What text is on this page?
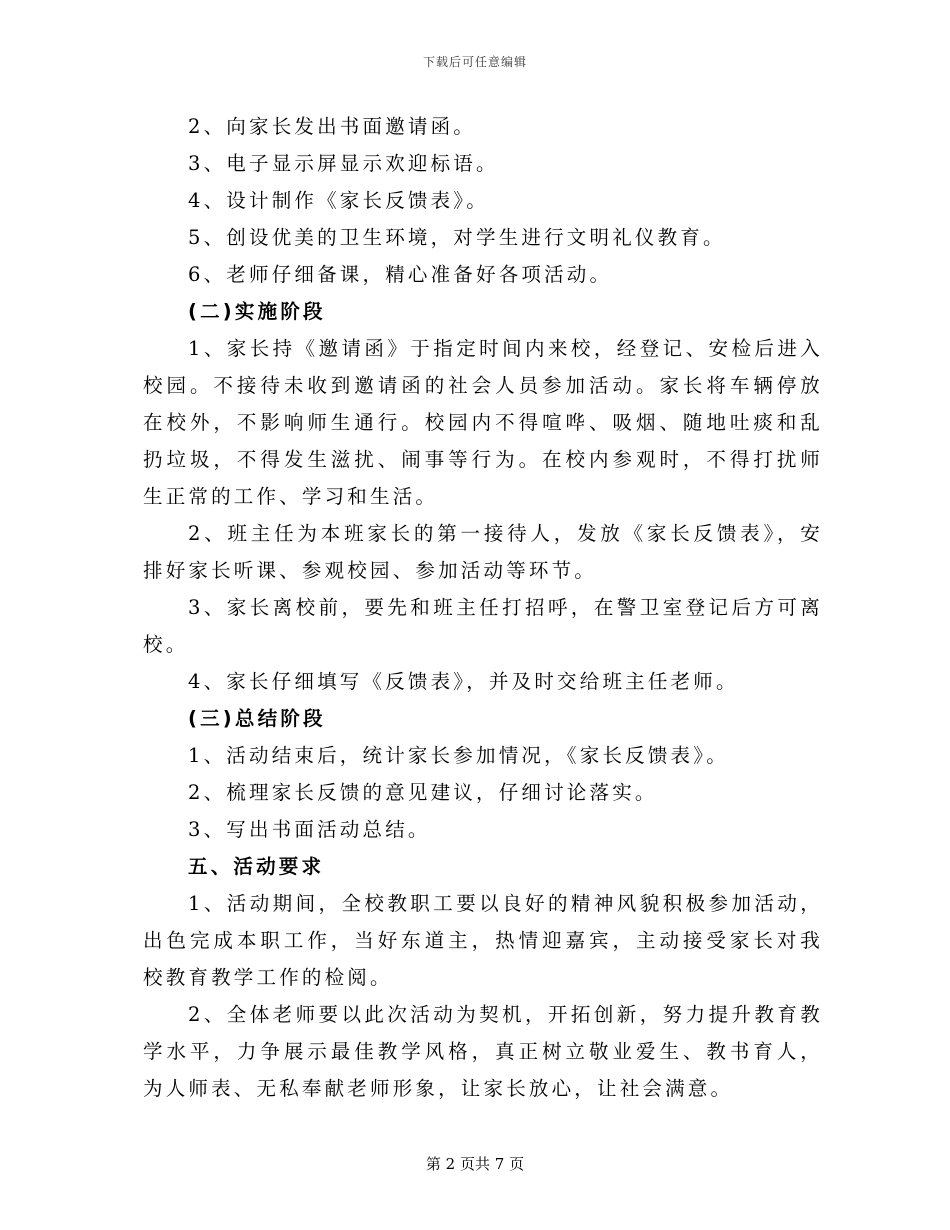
下载后可任意编辑

2、向家长发出书面邀请函。

3、电子显示屏显示欢迎标语。

4、设计制作《家长反馈表》。

5、创设优美的卫生环境，对学生进行文明礼仪教育。

6、老师仔细备课，精心准备好各项活动。

(二)实施阶段

1、家长持《邀请函》于指定时间内来校，经登记、安检后进入校园。不接待未收到邀请函的社会人员参加活动。家长将车辆停放在校外，不影响师生通行。校园内不得喧哗、吸烟、随地吐痰和乱扔垃圾，不得发生滋扰、闹事等行为。在校内参观时，不得打扰师生正常的工作、学习和生活。

2、班主任为本班家长的第一接待人，发放《家长反馈表》，安排好家长听课、参观校园、参加活动等环节。

3、家长离校前，要先和班主任打招呼，在警卫室登记后方可离校。

4、家长仔细填写《反馈表》，并及时交给班主任老师。

(三)总结阶段

1、活动结束后，统计家长参加情况，《家长反馈表》。

2、梳理家长反馈的意见建议，仔细讨论落实。

3、写出书面活动总结。

五、活动要求

1、活动期间，全校教职工要以良好的精神风貌积极参加活动，出色完成本职工作，当好东道主，热情迎嘉宾，主动接受家长对我校教育教学工作的检阅。

2、全体老师要以此次活动为契机，开拓创新，努力提升教育教学水平，力争展示最佳教学风格，真正树立敬业爱生、教书育人，为人师表、无私奉献老师形象，让家长放心，让社会满意。

第 2 页共 7 页
